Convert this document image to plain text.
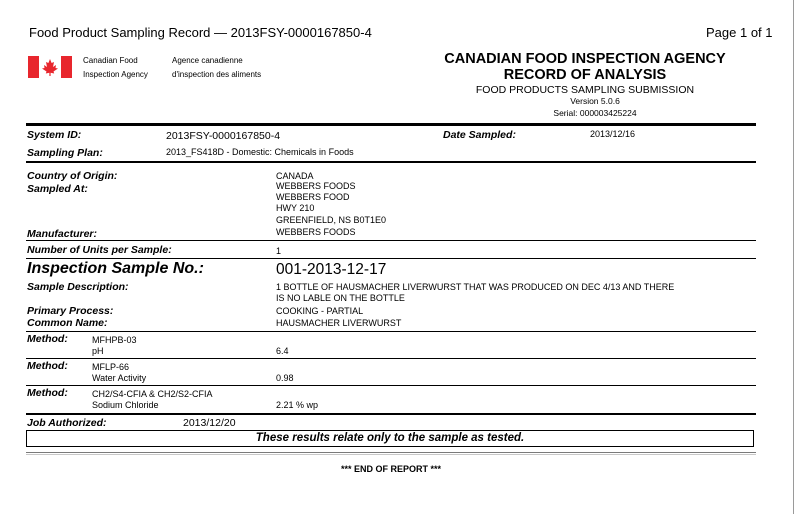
Food Product Sampling Record — 2013FSY-0000167850-4	Page 1 of 1
Canadian Food
Inspection Agency
Agence canadienne
d'inspection des aliments
CANADIAN FOOD INSPECTION AGENCY
RECORD OF ANALYSIS
FOOD PRODUCTS SAMPLING SUBMISSION
Version 5.0.6
Serial: 000003425224
System ID:	2013FSY-0000167850-4	Date Sampled:	2013/12/16
Sampling Plan:	2013_FS418D - Domestic: Chemicals in Foods
Country of Origin:	CANADA
Sampled At:	WEBBERS FOODS
WEBBERS FOOD
HWY 210
GREENFIELD, NS B0T1E0
Manufacturer:	WEBBERS FOODS
Number of Units per Sample:	1
Inspection Sample No.:	001-2013-12-17
Sample Description:	1 BOTTLE OF HAUSMACHER LIVERWURST THAT WAS PRODUCED ON DEC 4/13 AND THERE
IS NO LABLE ON THE BOTTLE
Primary Process:	COOKING - PARTIAL
Common Name:	HAUSMACHER LIVERWURST
Method:	MFHPB-03
pH	6.4
Method:	MFLP-66
Water Activity	0.98
Method:	CH2/S4-CFIA & CH2/S2-CFIA
Sodium Chloride	2.21 % wp
Job Authorized:	2013/12/20
These results relate only to the sample as tested.
*** END OF REPORT ***
